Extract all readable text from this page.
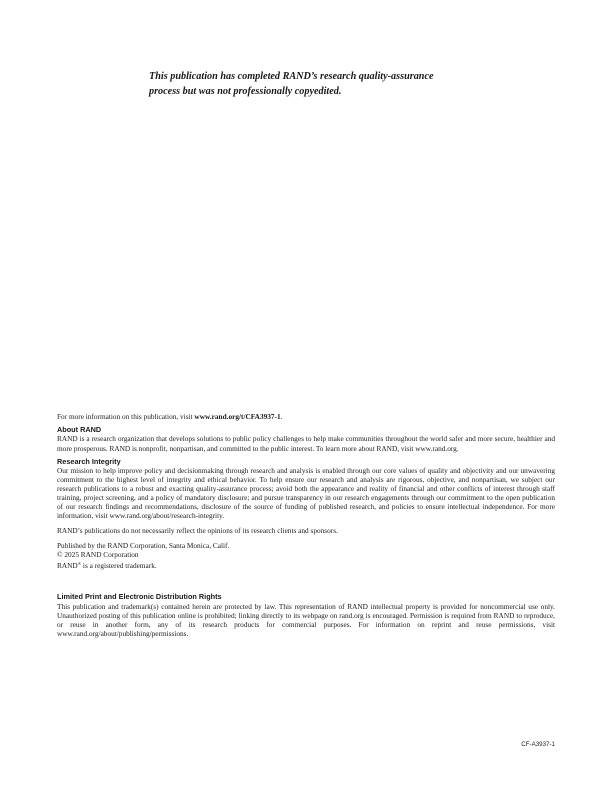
This publication has completed RAND’s research quality-assurance
process but was not professionally copyedited.

For more information on this publication, visit www.rand.org/t/CFA3937-1.

About RAND

RAND is a research organization that develops solutions to public policy challenges to help make communities throughout the world safer and more secure, healthier and more prosperous. RAND is nonprofit, nonpartisan, and committed to the public interest. To learn more about RAND, visit www.rand.org.

Research Integrity

Our mission to help improve policy and decisionmaking through research and analysis is enabled through our core values of quality and objectivity and our unwavering commitment to the highest level of integrity and ethical behavior. To help ensure our research and analysis are rigorous, objective, and nonpartisan, we subject our research publications to a robust and exacting quality-assurance process; avoid both the appearance and reality of financial and other conflicts of interest through staff training, project screening, and a policy of mandatory disclosure; and pursue transparency in our research engagements through our commitment to the open publication of our research findings and recommendations, disclosure of the source of funding of published research, and policies to ensure intellectual independence. For more information, visit www.rand.org/about/research-integrity.

RAND’s publications do not necessarily reflect the opinions of its research clients and sponsors.

Published by the RAND Corporation, Santa Monica, Calif.

© 2025 RAND Corporation

RAND® is a registered trademark.

Limited Print and Electronic Distribution Rights

This publication and trademark(s) contained herein are protected by law. This representation of RAND intellectual property is provided for noncommercial use only. Unauthorized posting of this publication online is prohibited; linking directly to its webpage on rand.org is encouraged. Permission is required from RAND to reproduce, or reuse in another form, any of its research products for commercial purposes. For information on reprint and reuse permissions, visit www.rand.org/about/publishing/permissions.

CF-A3937-1
